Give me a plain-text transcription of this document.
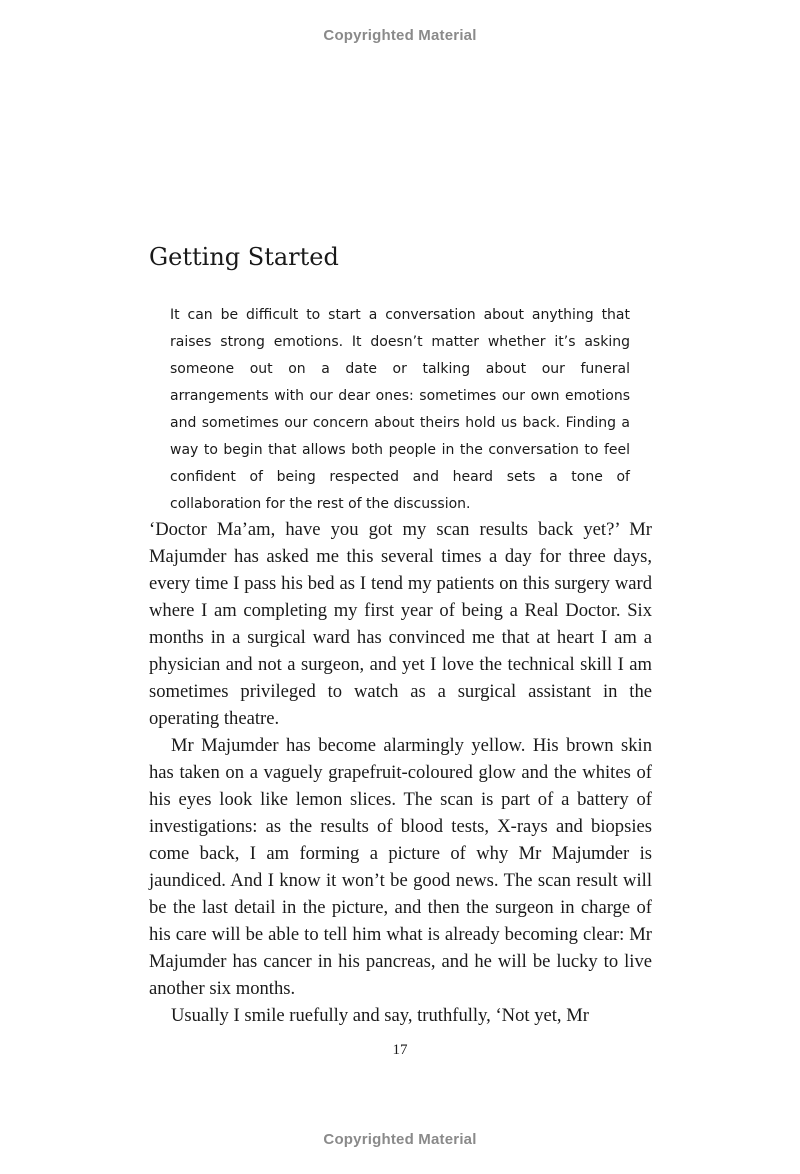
Copyrighted Material
Getting Started

It can be difficult to start a conversation about anything that raises strong emotions. It doesn’t matter whether it’s asking someone out on a date or talking about our funeral arrangements with our dear ones: sometimes our own emotions and sometimes our concern about theirs hold us back. Finding a way to begin that allows both people in the conversation to feel confident of being respected and heard sets a tone of collaboration for the rest of the discussion.

‘Doctor Ma’am, have you got my scan results back yet?’ Mr Majumder has asked me this several times a day for three days, every time I pass his bed as I tend my patients on this surgery ward where I am completing my first year of being a Real Doctor. Six months in a surgical ward has convinced me that at heart I am a physician and not a surgeon, and yet I love the technical skill I am sometimes privileged to watch as a surgical assistant in the operating theatre.

Mr Majumder has become alarmingly yellow. His brown skin has taken on a vaguely grapefruit-coloured glow and the whites of his eyes look like lemon slices. The scan is part of a battery of investigations: as the results of blood tests, X-rays and biopsies come back, I am forming a picture of why Mr Majumder is jaundiced. And I know it won’t be good news. The scan result will be the last detail in the picture, and then the surgeon in charge of his care will be able to tell him what is already becoming clear: Mr Majumder has cancer in his pancreas, and he will be lucky to live another six months.

Usually I smile ruefully and say, truthfully, ‘Not yet, Mr

17
Copyrighted Material
